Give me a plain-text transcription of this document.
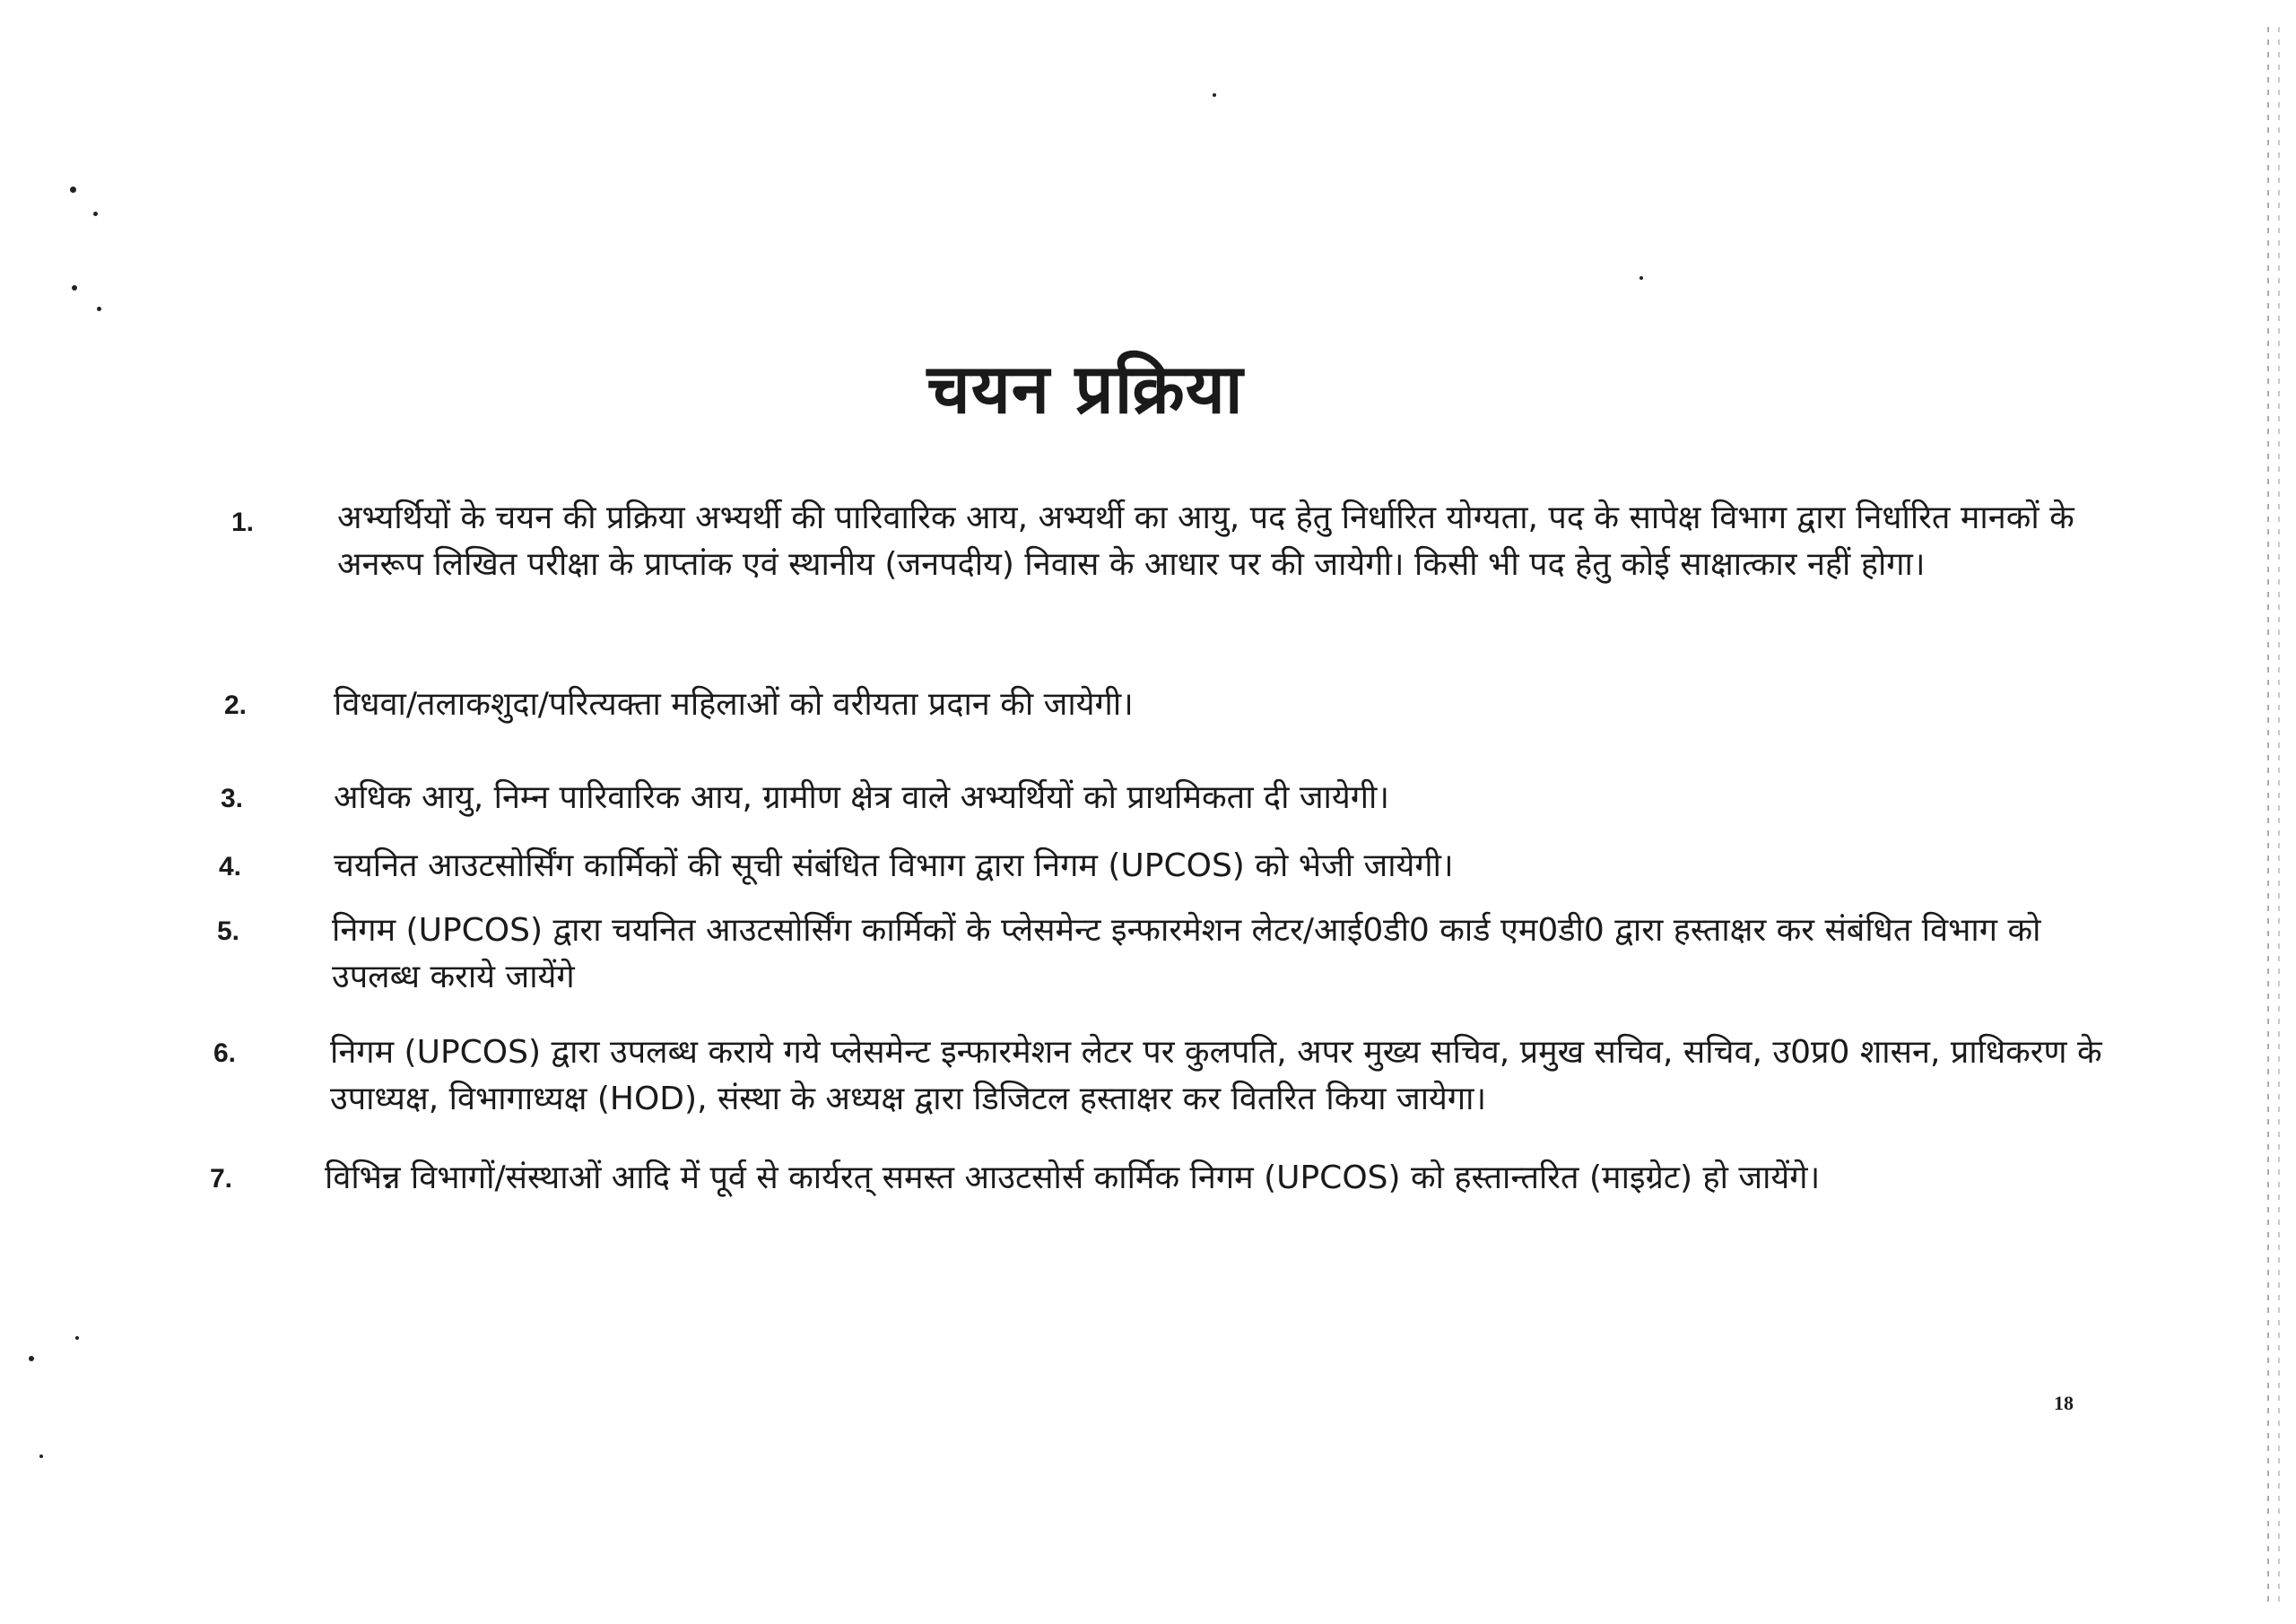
चयन प्रक्रिया
1.	अभ्यर्थियों के चयन की प्रक्रिया अभ्यर्थी की पारिवारिक आय, अभ्यर्थी का आयु, पद हेतु निर्धारित योग्यता, पद के सापेक्ष विभाग द्वारा निर्धारित मानकों के अनरूप लिखित परीक्षा के प्राप्तांक एवं स्थानीय (जनपदीय) निवास के आधार पर की जायेगी। किसी भी पद हेतु कोई साक्षात्कार नहीं होगा।
2.	विधवा/तलाकशुदा/परित्यक्ता महिलाओं को वरीयता प्रदान की जायेगी।
3.	अधिक आयु, निम्न पारिवारिक आय, ग्रामीण क्षेत्र वाले अभ्यर्थियों को प्राथमिकता दी जायेगी।
4.	चयनित आउटसोर्सिंग कार्मिकों की सूची संबंधित विभाग द्वारा निगम (UPCOS) को भेजी जायेगी।
5.	निगम (UPCOS) द्वारा चयनित आउटसोर्सिंग कार्मिकों के प्लेसमेन्ट इन्फारमेशन लेटर/आई0डी0 कार्ड एम0डी0 द्वारा हस्ताक्षर कर संबंधित विभाग को उपलब्ध कराये जायेंगे
6.	निगम (UPCOS) द्वारा उपलब्ध कराये गये प्लेसमेन्ट इन्फारमेशन लेटर पर कुलपति, अपर मुख्य सचिव, प्रमुख सचिव, सचिव, उ0प्र0 शासन, प्राधिकरण के उपाध्यक्ष, विभागाध्यक्ष (HOD), संस्था के अध्यक्ष द्वारा डिजिटल हस्ताक्षर कर वितरित किया जायेगा।
7.	विभिन्न विभागों/संस्थाओं आदि में पूर्व से कार्यरत् समस्त आउटसोर्स कार्मिक निगम (UPCOS) को हस्तान्तरित (माइग्रेट) हो जायेंगे।
18
